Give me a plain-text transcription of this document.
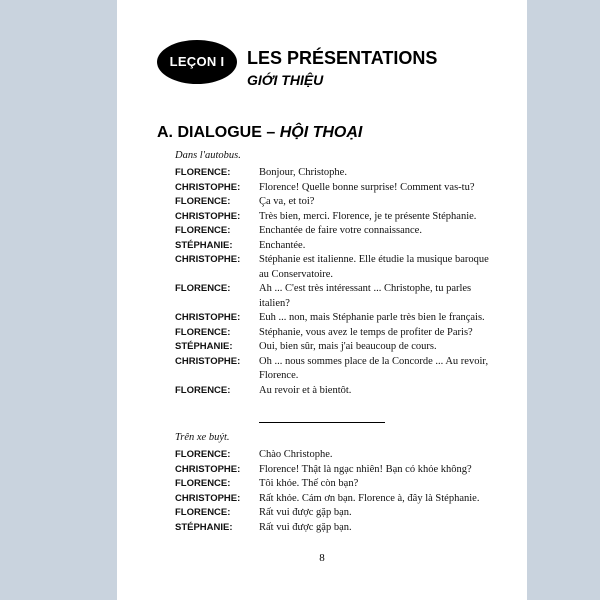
LEÇON I	LES PRÉSENTATIONS
GIỚI THIỆU
A. DIALOGUE – HỘI THOẠI
Dans l'autobus.
FLORENCE:	Bonjour, Christophe.
CHRISTOPHE:	Florence! Quelle bonne surprise! Comment vas-tu?
FLORENCE:	Ça va, et toi?
CHRISTOPHE:	Très bien, merci. Florence, je te présente Stéphanie.
FLORENCE:	Enchantée de faire votre connaissance.
STÉPHANIE:	Enchantée.
CHRISTOPHE:	Stéphanie est italienne. Elle étudie la musique baroque au Conservatoire.
FLORENCE:	Ah ... C'est très intéressant ... Christophe, tu parles italien?
CHRISTOPHE:	Euh ... non, mais Stéphanie parle très bien le français.
FLORENCE:	Stéphanie, vous avez le temps de profiter de Paris?
STÉPHANIE:	Oui, bien sûr, mais j'ai beaucoup de cours.
CHRISTOPHE:	Oh ... nous sommes place de la Concorde ... Au revoir, Florence.
FLORENCE:	Au revoir et à bientôt.
Trên xe buýt.
FLORENCE:	Chào Christophe.
CHRISTOPHE:	Florence! Thật là ngạc nhiên! Bạn có khỏe không?
FLORENCE:	Tôi khỏe. Thế còn bạn?
CHRISTOPHE:	Rất khỏe. Cám ơn bạn. Florence à, đây là Stéphanie.
FLORENCE:	Rất vui được gặp bạn.
STÉPHANIE:	Rất vui được gặp bạn.
8
